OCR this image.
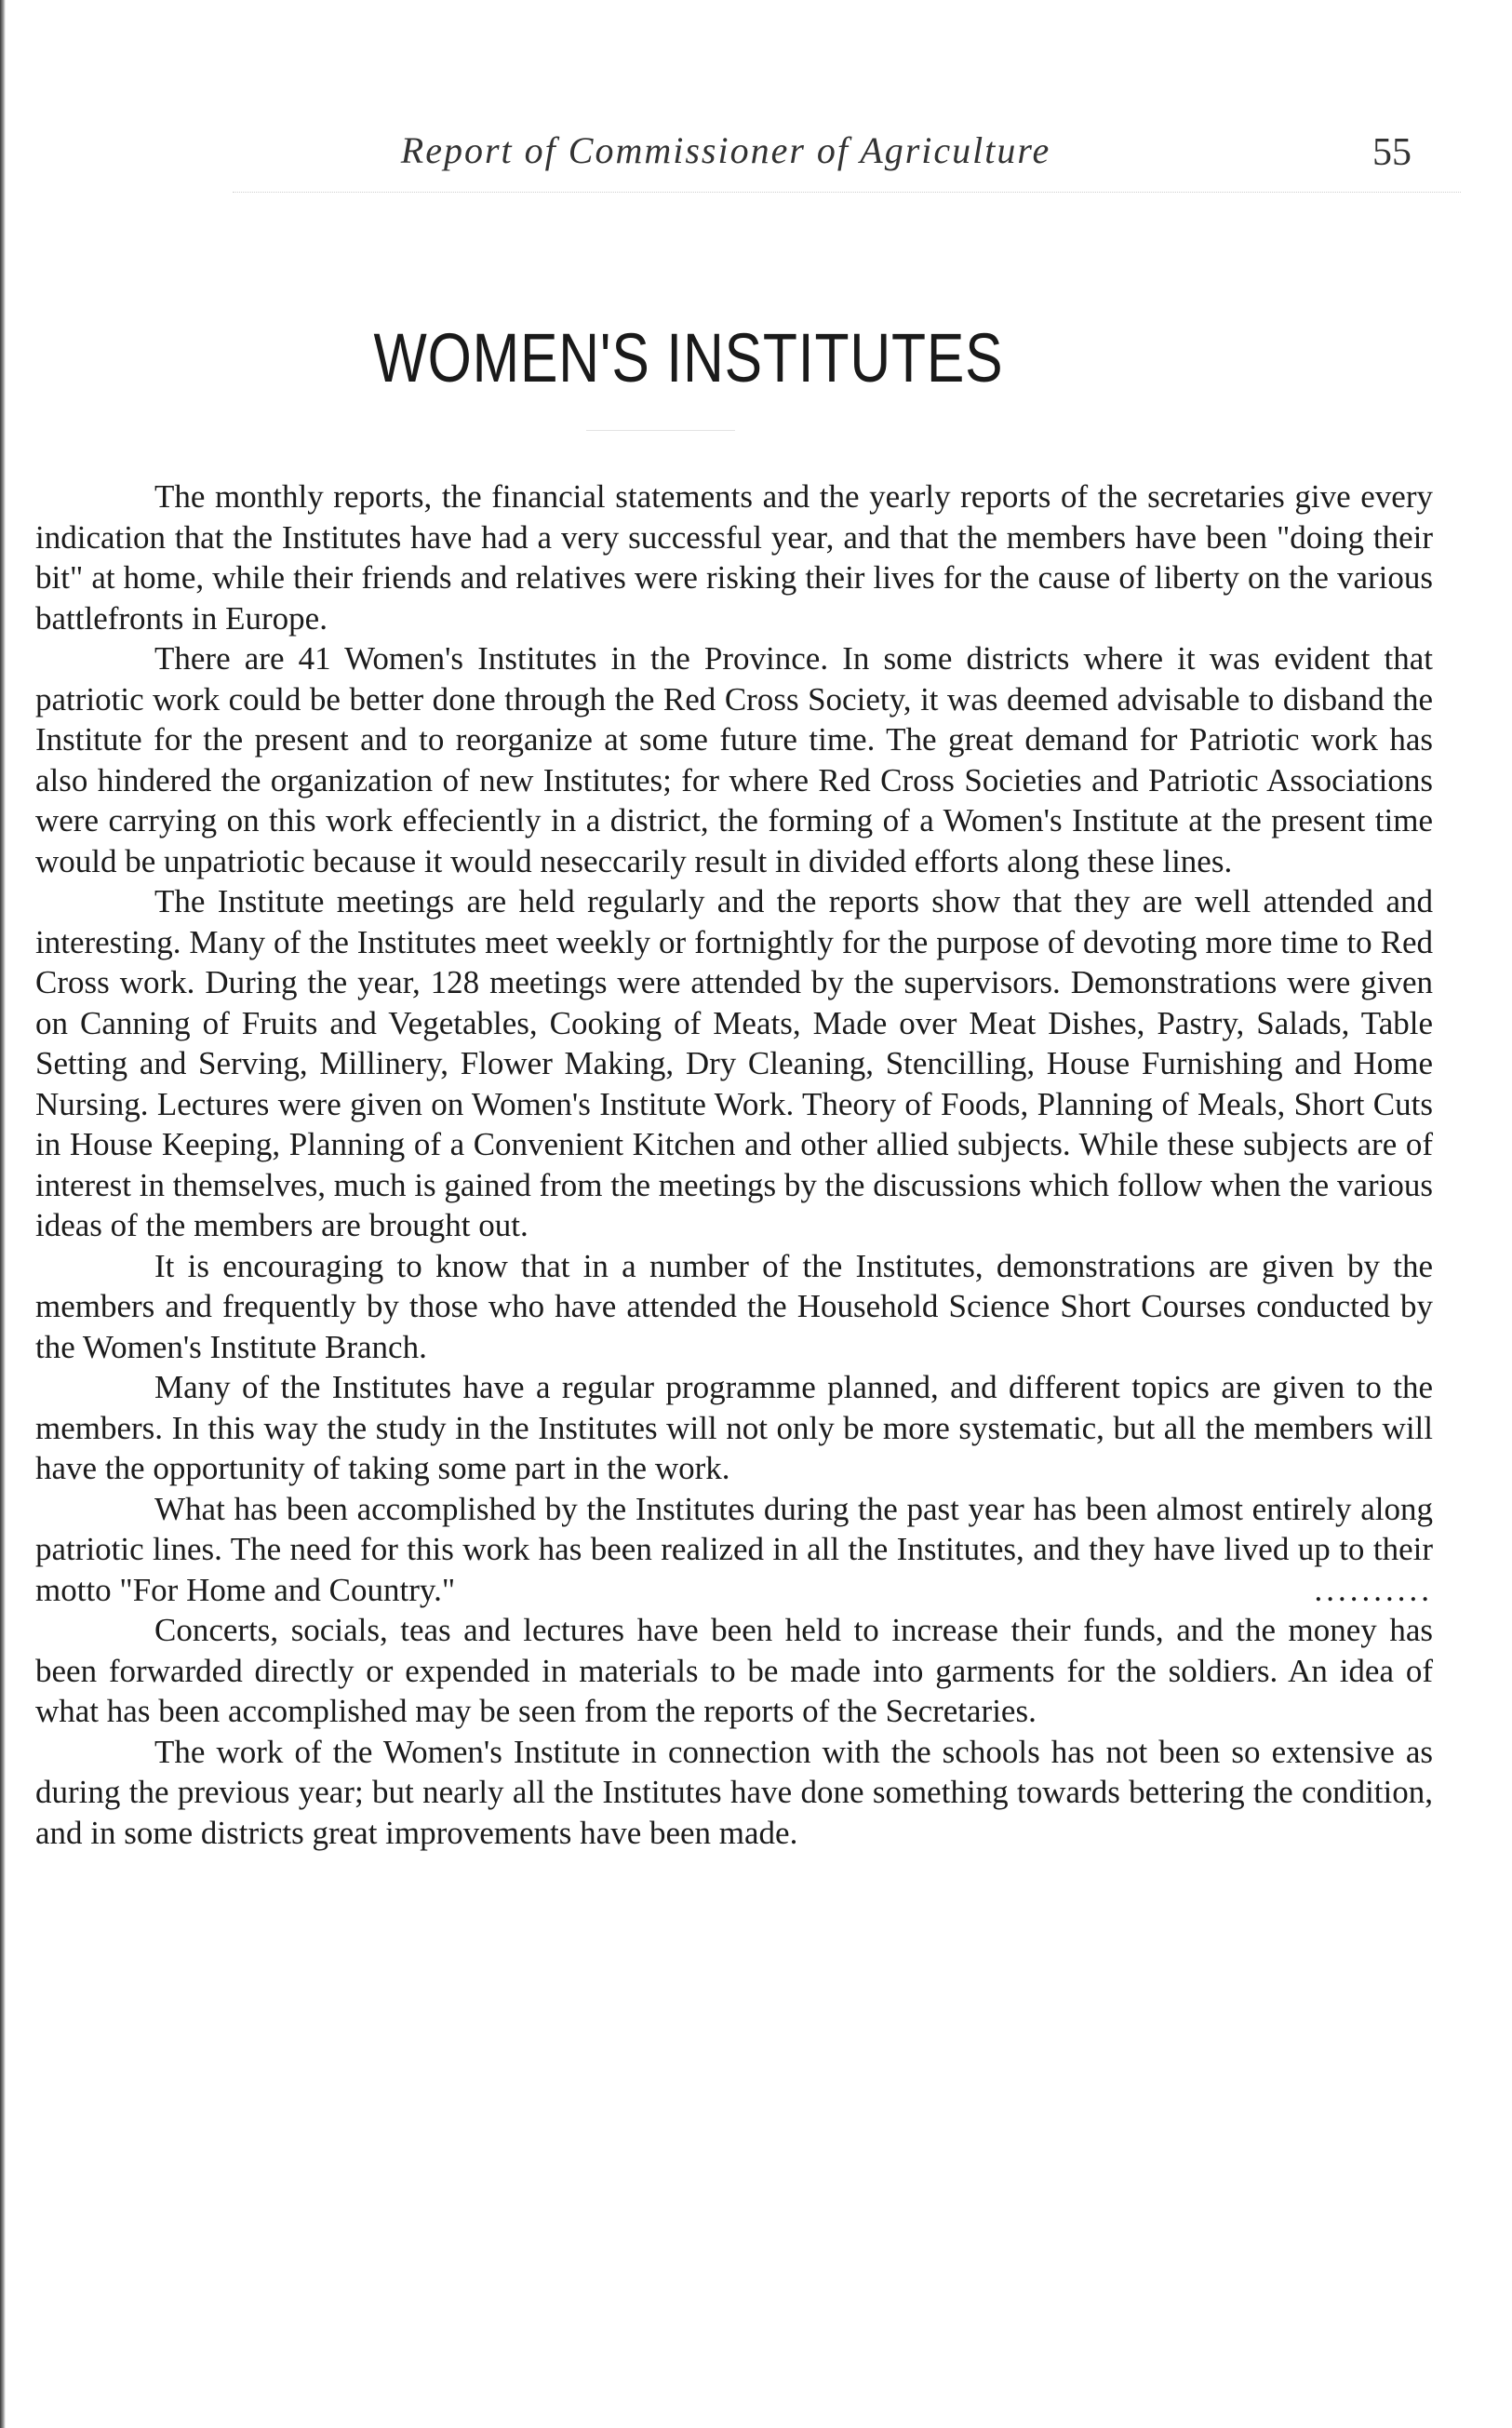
Report of Commissioner of Agriculture	55
WOMEN'S INSTITUTES

The monthly reports, the financial statements and the yearly reports of the secretaries give every indication that the Institutes have had a very successful year, and that the members have been "doing their bit" at home, while their friends and relatives were risking their lives for the cause of liberty on the various battlefronts in Europe.

There are 41 Women's Institutes in the Province. In some districts where it was evident that patriotic work could be better done through the Red Cross Society, it was deemed advisable to disband the Institute for the present and to reorganize at some future time. The great demand for Patriotic work has also hindered the organization of new Institutes; for where Red Cross Societies and Patriotic Associations were carrying on this work effeciently in a district, the forming of a Women's Institute at the present time would be unpatriotic because it would neseccarily result in divided efforts along these lines.

The Institute meetings are held regularly and the reports show that they are well attended and interesting. Many of the Institutes meet weekly or fortnightly for the purpose of devoting more time to Red Cross work. During the year, 128 meetings were attended by the supervisors. Demonstrations were given on Canning of Fruits and Vegetables, Cooking of Meats, Made over Meat Dishes, Pastry, Salads, Table Setting and Serving, Millinery, Flower Making, Dry Cleaning, Stencilling, House Furnishing and Home Nursing. Lectures were given on Women's Institute Work. Theory of Foods, Planning of Meals, Short Cuts in House Keeping, Planning of a Convenient Kitchen and other allied subjects. While these subjects are of interest in themselves, much is gained from the meetings by the discussions which follow when the various ideas of the members are brought out.

It is encouraging to know that in a number of the Institutes, demonstrations are given by the members and frequently by those who have attended the Household Science Short Courses conducted by the Women's Institute Branch.

Many of the Institutes have a regular programme planned, and different topics are given to the members. In this way the study in the Institutes will not only be more systematic, but all the members will have the opportunity of taking some part in the work.

What has been accomplished by the Institutes during the past year has been almost entirely along patriotic lines. The need for this work has been realized in all the Institutes, and they have lived up to their motto "For Home and Country."	..........

Concerts, socials, teas and lectures have been held to increase their funds, and the money has been forwarded directly or expended in materials to be made into garments for the soldiers. An idea of what has been accomplished may be seen from the reports of the Secretaries.

The work of the Women's Institute in connection with the schools has not been so extensive as during the previous year; but nearly all the Institutes have done something towards bettering the condition, and in some districts great improvements have been made.
